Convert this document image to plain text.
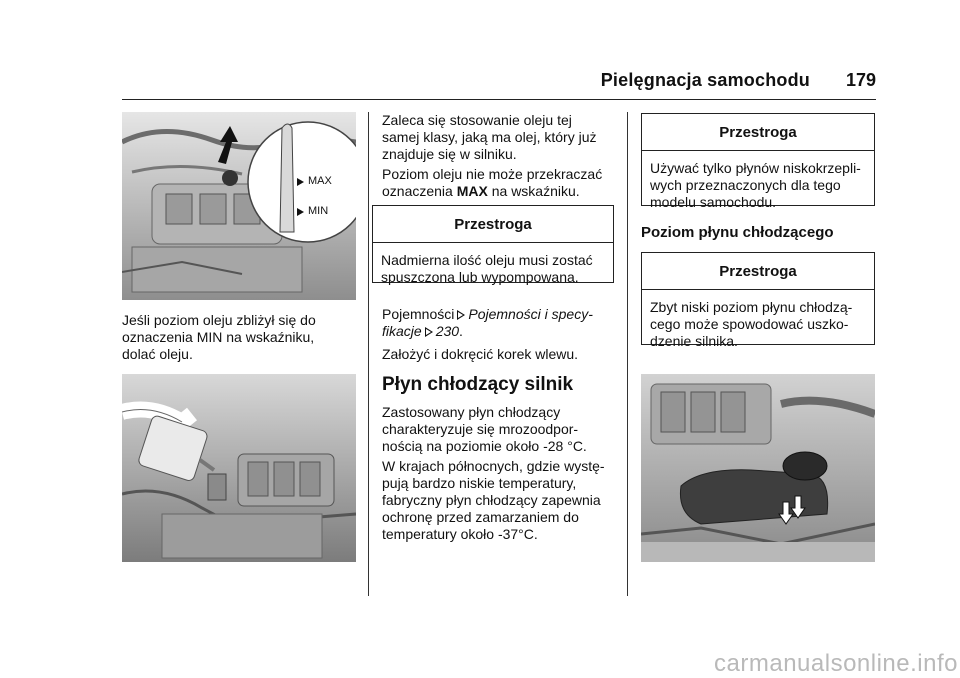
Pielęgnacja samochodu	179
MAX
MIN

Jeśli poziom oleju zbliżył się do

oznaczenia MIN na wskaźniku,

dolać oleju.

Zaleca się stosowanie oleju tej

samej klasy, jaką ma olej, który już

znajduje się w silniku.

Poziom oleju nie może przekraczać

oznaczenia MAX na wskaźniku.

Przestroga
Nadmierna ilość oleju musi zostać
spuszczona lub wypompowana.

Pojemności Pojemności i specy-

fikacje 230.

Założyć i dokręcić korek wlewu.

Płyn chłodzący silnik

Zastosowany płyn chłodzący

charakteryzuje się mrozoodpor-

nością na poziomie około -28 °C.

W krajach północnych, gdzie wystę-

pują bardzo niskie temperatury,

fabryczny płyn chłodzący zapewnia

ochronę przed zamarzaniem do

temperatury około -37°C.

Przestroga
Używać tylko płynów niskokrzepli-
wych przeznaczonych dla tego
modelu samochodu.
Poziom płynu chłodzącego
Przestroga
Zbyt niski poziom płynu chłodzą-
cego może spowodować uszko-
dzenie silnika.
carmanualsonline.info
